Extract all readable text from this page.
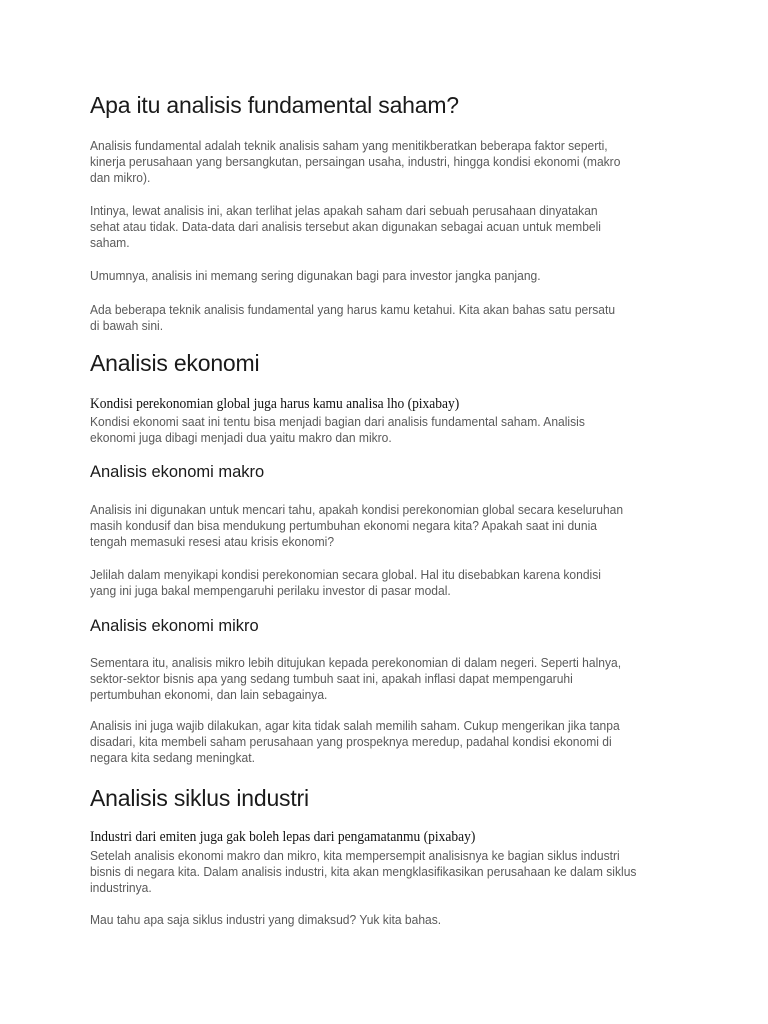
Apa itu analisis fundamental saham?
Analisis fundamental adalah teknik analisis saham yang menitikberatkan beberapa faktor seperti,
kinerja perusahaan yang bersangkutan, persaingan usaha, industri, hingga kondisi ekonomi (makro
dan mikro).
Intinya, lewat analisis ini, akan terlihat jelas apakah saham dari sebuah perusahaan dinyatakan
sehat atau tidak. Data-data dari analisis tersebut akan digunakan sebagai acuan untuk membeli
saham.
Umumnya, analisis ini memang sering digunakan bagi para investor jangka panjang.
Ada beberapa teknik analisis fundamental yang harus kamu ketahui. Kita akan bahas satu persatu
di bawah sini.
Analisis ekonomi
Kondisi perekonomian global juga harus kamu analisa lho (pixabay)
Kondisi ekonomi saat ini tentu bisa menjadi bagian dari analisis fundamental saham. Analisis
ekonomi juga dibagi menjadi dua yaitu makro dan mikro.
Analisis ekonomi makro
Analisis ini digunakan untuk mencari tahu, apakah kondisi perekonomian global secara keseluruhan
masih kondusif dan bisa mendukung pertumbuhan ekonomi negara kita? Apakah saat ini dunia
tengah memasuki resesi atau krisis ekonomi?
Jelilah dalam menyikapi kondisi perekonomian secara global. Hal itu disebabkan karena kondisi
yang ini juga bakal mempengaruhi perilaku investor di pasar modal.
Analisis ekonomi mikro
Sementara itu, analisis mikro lebih ditujukan kepada perekonomian di dalam negeri. Seperti halnya,
sektor-sektor bisnis apa yang sedang tumbuh saat ini, apakah inflasi dapat mempengaruhi
pertumbuhan ekonomi, dan lain sebagainya.
Analisis ini juga wajib dilakukan, agar kita tidak salah memilih saham. Cukup mengerikan jika tanpa
disadari, kita membeli saham perusahaan yang prospeknya meredup, padahal kondisi ekonomi di
negara kita sedang meningkat.
Analisis siklus industri
Industri dari emiten juga gak boleh lepas dari pengamatanmu (pixabay)
Setelah analisis ekonomi makro dan mikro, kita mempersempit analisisnya ke bagian siklus industri
bisnis di negara kita. Dalam analisis industri, kita akan mengklasifikasikan perusahaan ke dalam siklus
industrinya.
Mau tahu apa saja siklus industri yang dimaksud? Yuk kita bahas.
